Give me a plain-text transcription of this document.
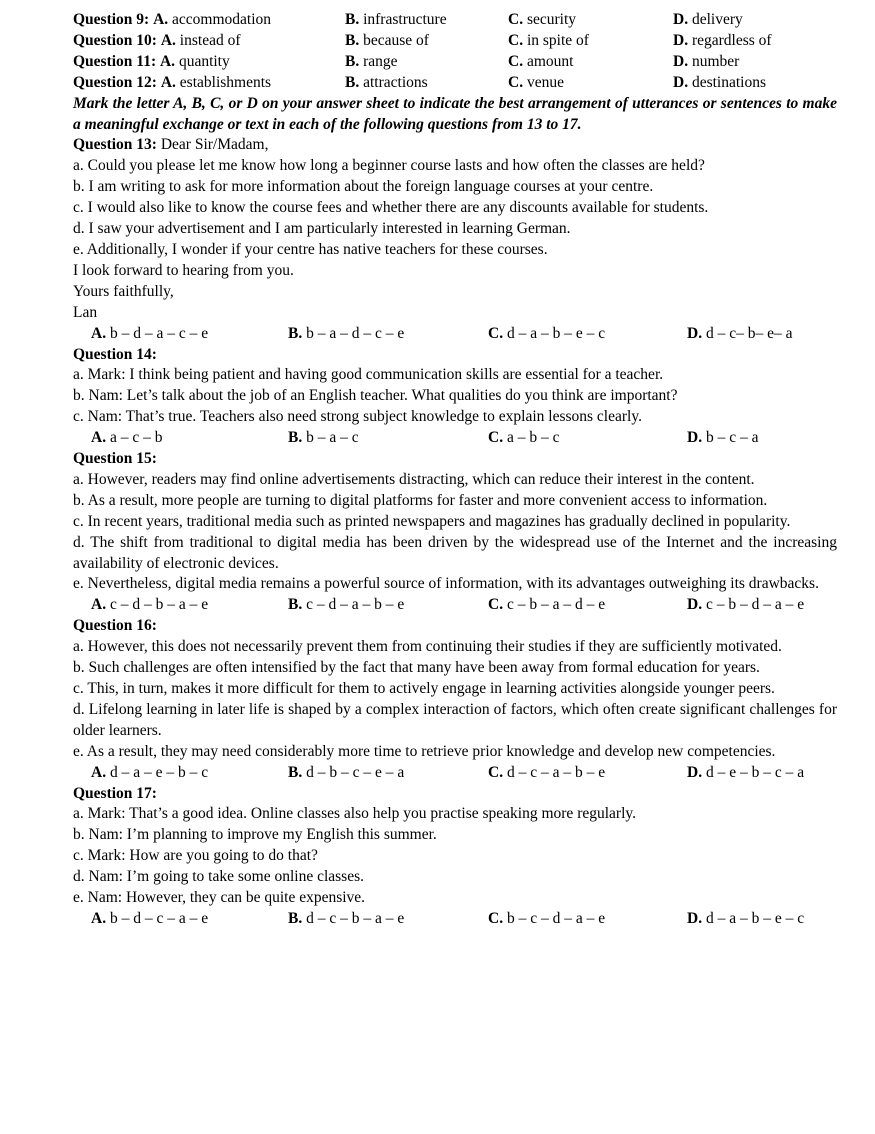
Question 9: A. accommodation	B. infrastructure	C. security	D. delivery
Question 10: A. instead of	B. because of	C. in spite of	D. regardless of
Question 11: A. quantity	B. range	C. amount	D. number
Question 12: A. establishments	B. attractions	C. venue	D. destinations
Mark the letter A, B, C, or D on your answer sheet to indicate the best arrangement of utterances or sentences to make a meaningful exchange or text in each of the following questions from 13 to 17.
Question 13: Dear Sir/Madam,
a. Could you please let me know how long a beginner course lasts and how often the classes are held?
b. I am writing to ask for more information about the foreign language courses at your centre.
c. I would also like to know the course fees and whether there are any discounts available for students.
d. I saw your advertisement and I am particularly interested in learning German.
e. Additionally, I wonder if your centre has native teachers for these courses.
I look forward to hearing from you.
Yours faithfully,
Lan
A. b – d – a – c – e	B. b – a – d – c – e	C. d – a – b – e – c	D. d – c– b– e– a
Question 14:
a. Mark: I think being patient and having good communication skills are essential for a teacher.
b. Nam: Let’s talk about the job of an English teacher. What qualities do you think are important?
c. Nam: That’s true. Teachers also need strong subject knowledge to explain lessons clearly.
A. a – c – b	B. b – a – c	C. a – b – c	D. b – c – a
Question 15:
a. However, readers may find online advertisements distracting, which can reduce their interest in the content.
b. As a result, more people are turning to digital platforms for faster and more convenient access to information.
c. In recent years, traditional media such as printed newspapers and magazines has gradually declined in popularity.
d. The shift from traditional to digital media has been driven by the widespread use of the Internet and the increasing availability of electronic devices.
e. Nevertheless, digital media remains a powerful source of information, with its advantages outweighing its drawbacks.
A. c – d – b – a – e	B. c – d – a – b – e	C. c – b – a – d – e	D. c – b – d – a – e
Question 16:
a. However, this does not necessarily prevent them from continuing their studies if they are sufficiently motivated.
b. Such challenges are often intensified by the fact that many have been away from formal education for years.
c. This, in turn, makes it more difficult for them to actively engage in learning activities alongside younger peers.
d. Lifelong learning in later life is shaped by a complex interaction of factors, which often create significant challenges for older learners.
e. As a result, they may need considerably more time to retrieve prior knowledge and develop new competencies.
A. d – a – e – b – c	B. d – b – c – e – a	C. d – c – a – b – e	D. d – e – b – c – a
Question 17:
a. Mark: That’s a good idea. Online classes also help you practise speaking more regularly.
b. Nam: I’m planning to improve my English this summer.
c. Mark: How are you going to do that?
d. Nam: I’m going to take some online classes.
e. Nam: However, they can be quite expensive.
A. b – d – c – a – e	B. d – c – b – a – e	C. b – c – d – a – e	D. d – a – b – e – c
